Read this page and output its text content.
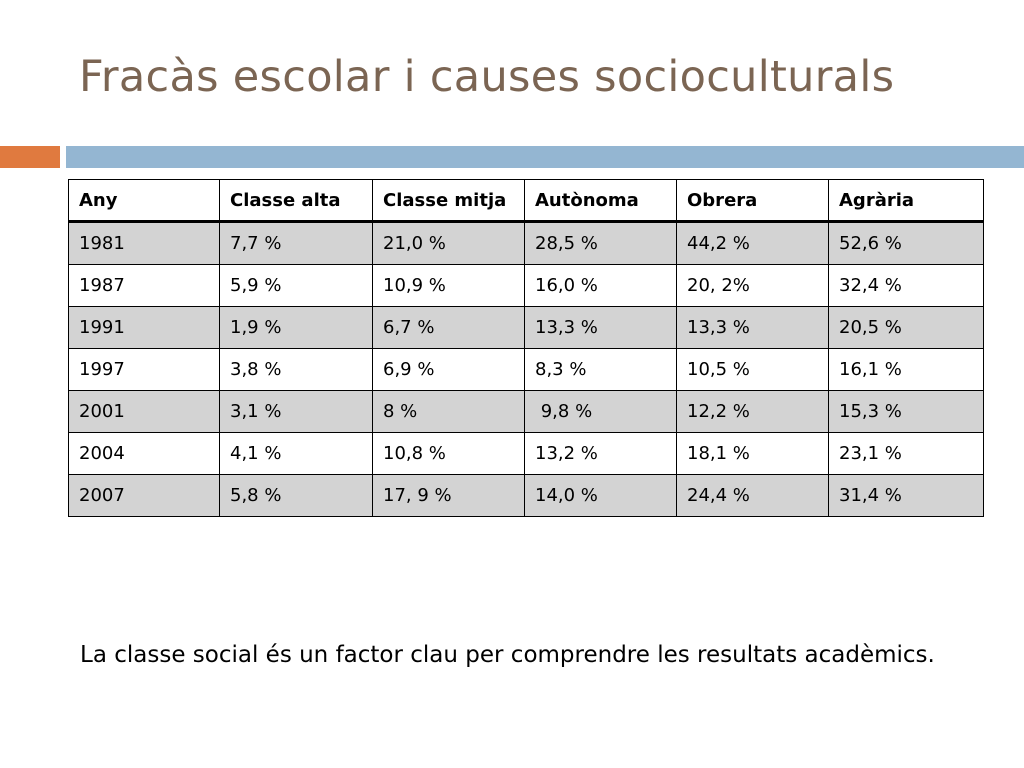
Fracàs escolar i causes socioculturals
Any	Classe alta	Classe mitja	Autònoma	Obrera	Agrària
1981	7,7 %	21,0 %	28,5 %	44,2 %	52,6 %
1987	5,9 %	10,9 %	16,0 %	20, 2%	32,4 %
1991	1,9 %	6,7 %	13,3 %	13,3 %	20,5 %
1997	3,8 %	6,9 %	8,3 %	10,5 %	16,1 %
2001	3,1 %	8 %	9,8 %	12,2 %	15,3 %
2004	4,1 %	10,8 %	13,2 %	18,1 %	23,1 %
2007	5,8 %	17, 9 %	14,0 %	24,4 %	31,4 %
La classe social és un factor clau per comprendre les resultats acadèmics.
